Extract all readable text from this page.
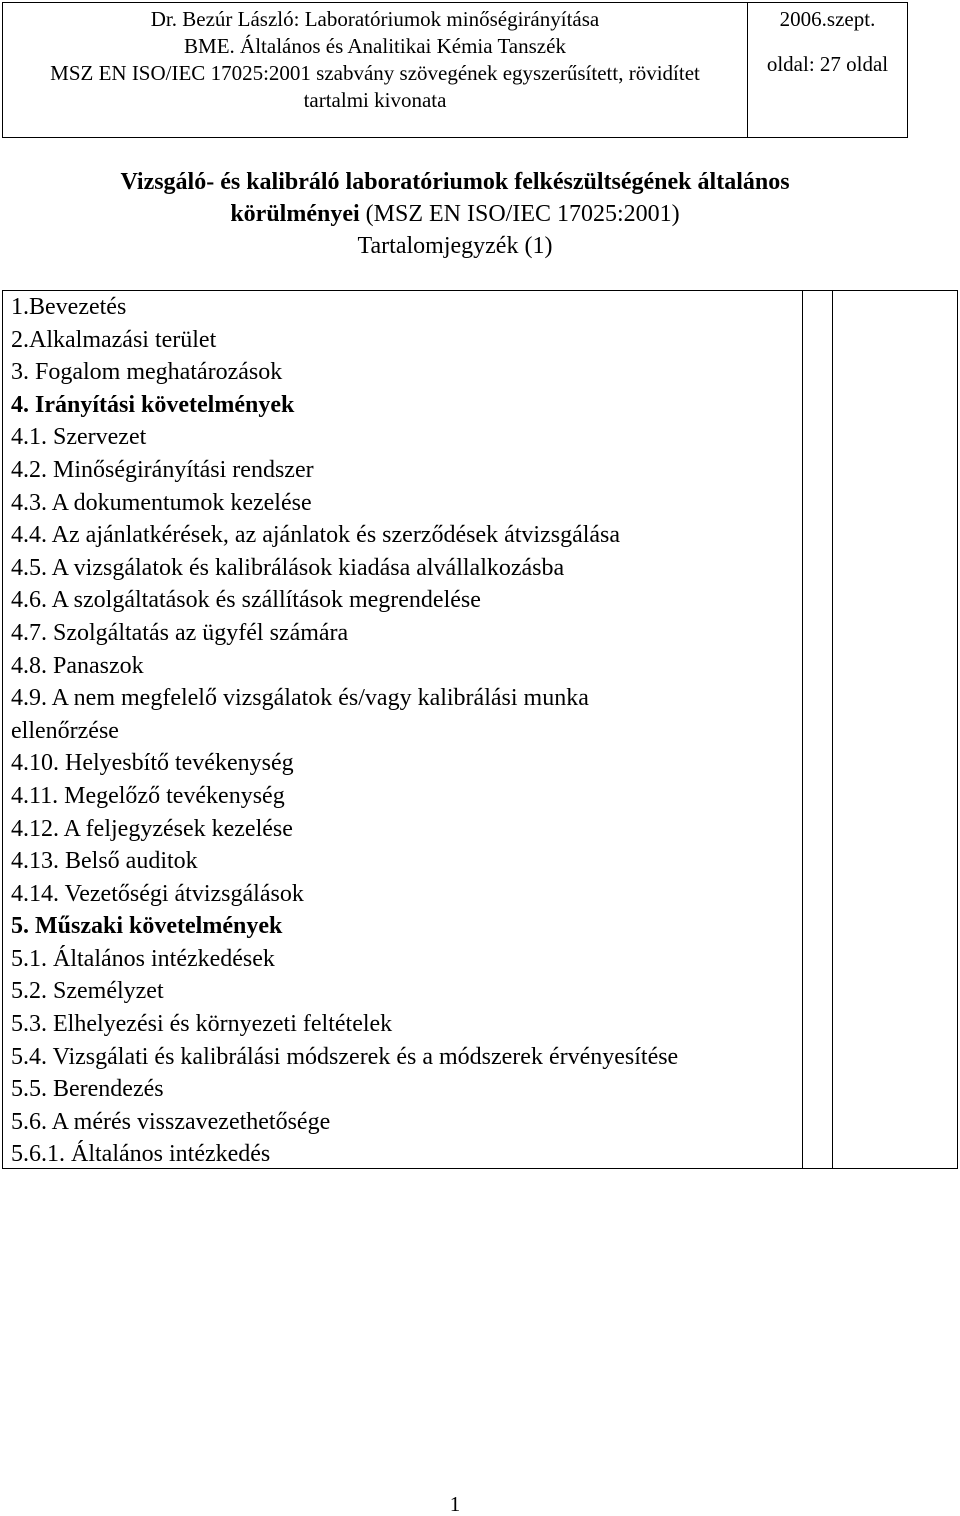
Dr. Bezúr László: Laboratóriumok minőségirányítása
BME. Általános és Analitikai Kémia Tanszék
MSZ EN ISO/IEC 17025:2001 szabvány szövegének egyszerűsített, rövidítet
tartalmi kivonata
2006.szept.
oldal: 27 oldal
Vizsgáló- és kalibráló laboratóriumok felkészültségének általános
körülményei (MSZ EN ISO/IEC 17025:2001)
Tartalomjegyzék (1)
1.Bevezetés
2.Alkalmazási terület
3. Fogalom meghatározások
4. Irányítási követelmények
4.1. Szervezet
4.2. Minőségirányítási rendszer
4.3. A dokumentumok kezelése
4.4. Az ajánlatkérések, az ajánlatok és szerződések átvizsgálása
4.5. A vizsgálatok és kalibrálások kiadása alvállalkozásba
4.6. A szolgáltatások és szállítások megrendelése
4.7. Szolgáltatás az ügyfél számára
4.8. Panaszok
4.9. A nem megfelelő vizsgálatok és/vagy kalibrálási munka
ellenőrzése
4.10. Helyesbítő tevékenység
4.11. Megelőző tevékenység
4.12. A feljegyzések kezelése
4.13. Belső auditok
4.14. Vezetőségi átvizsgálások
5. Műszaki követelmények
5.1. Általános intézkedések
5.2. Személyzet
5.3. Elhelyezési és környezeti feltételek
5.4. Vizsgálati és kalibrálási módszerek és a módszerek érvényesítése
5.5. Berendezés
5.6. A mérés visszavezethetősége
5.6.1. Általános intézkedés
1
